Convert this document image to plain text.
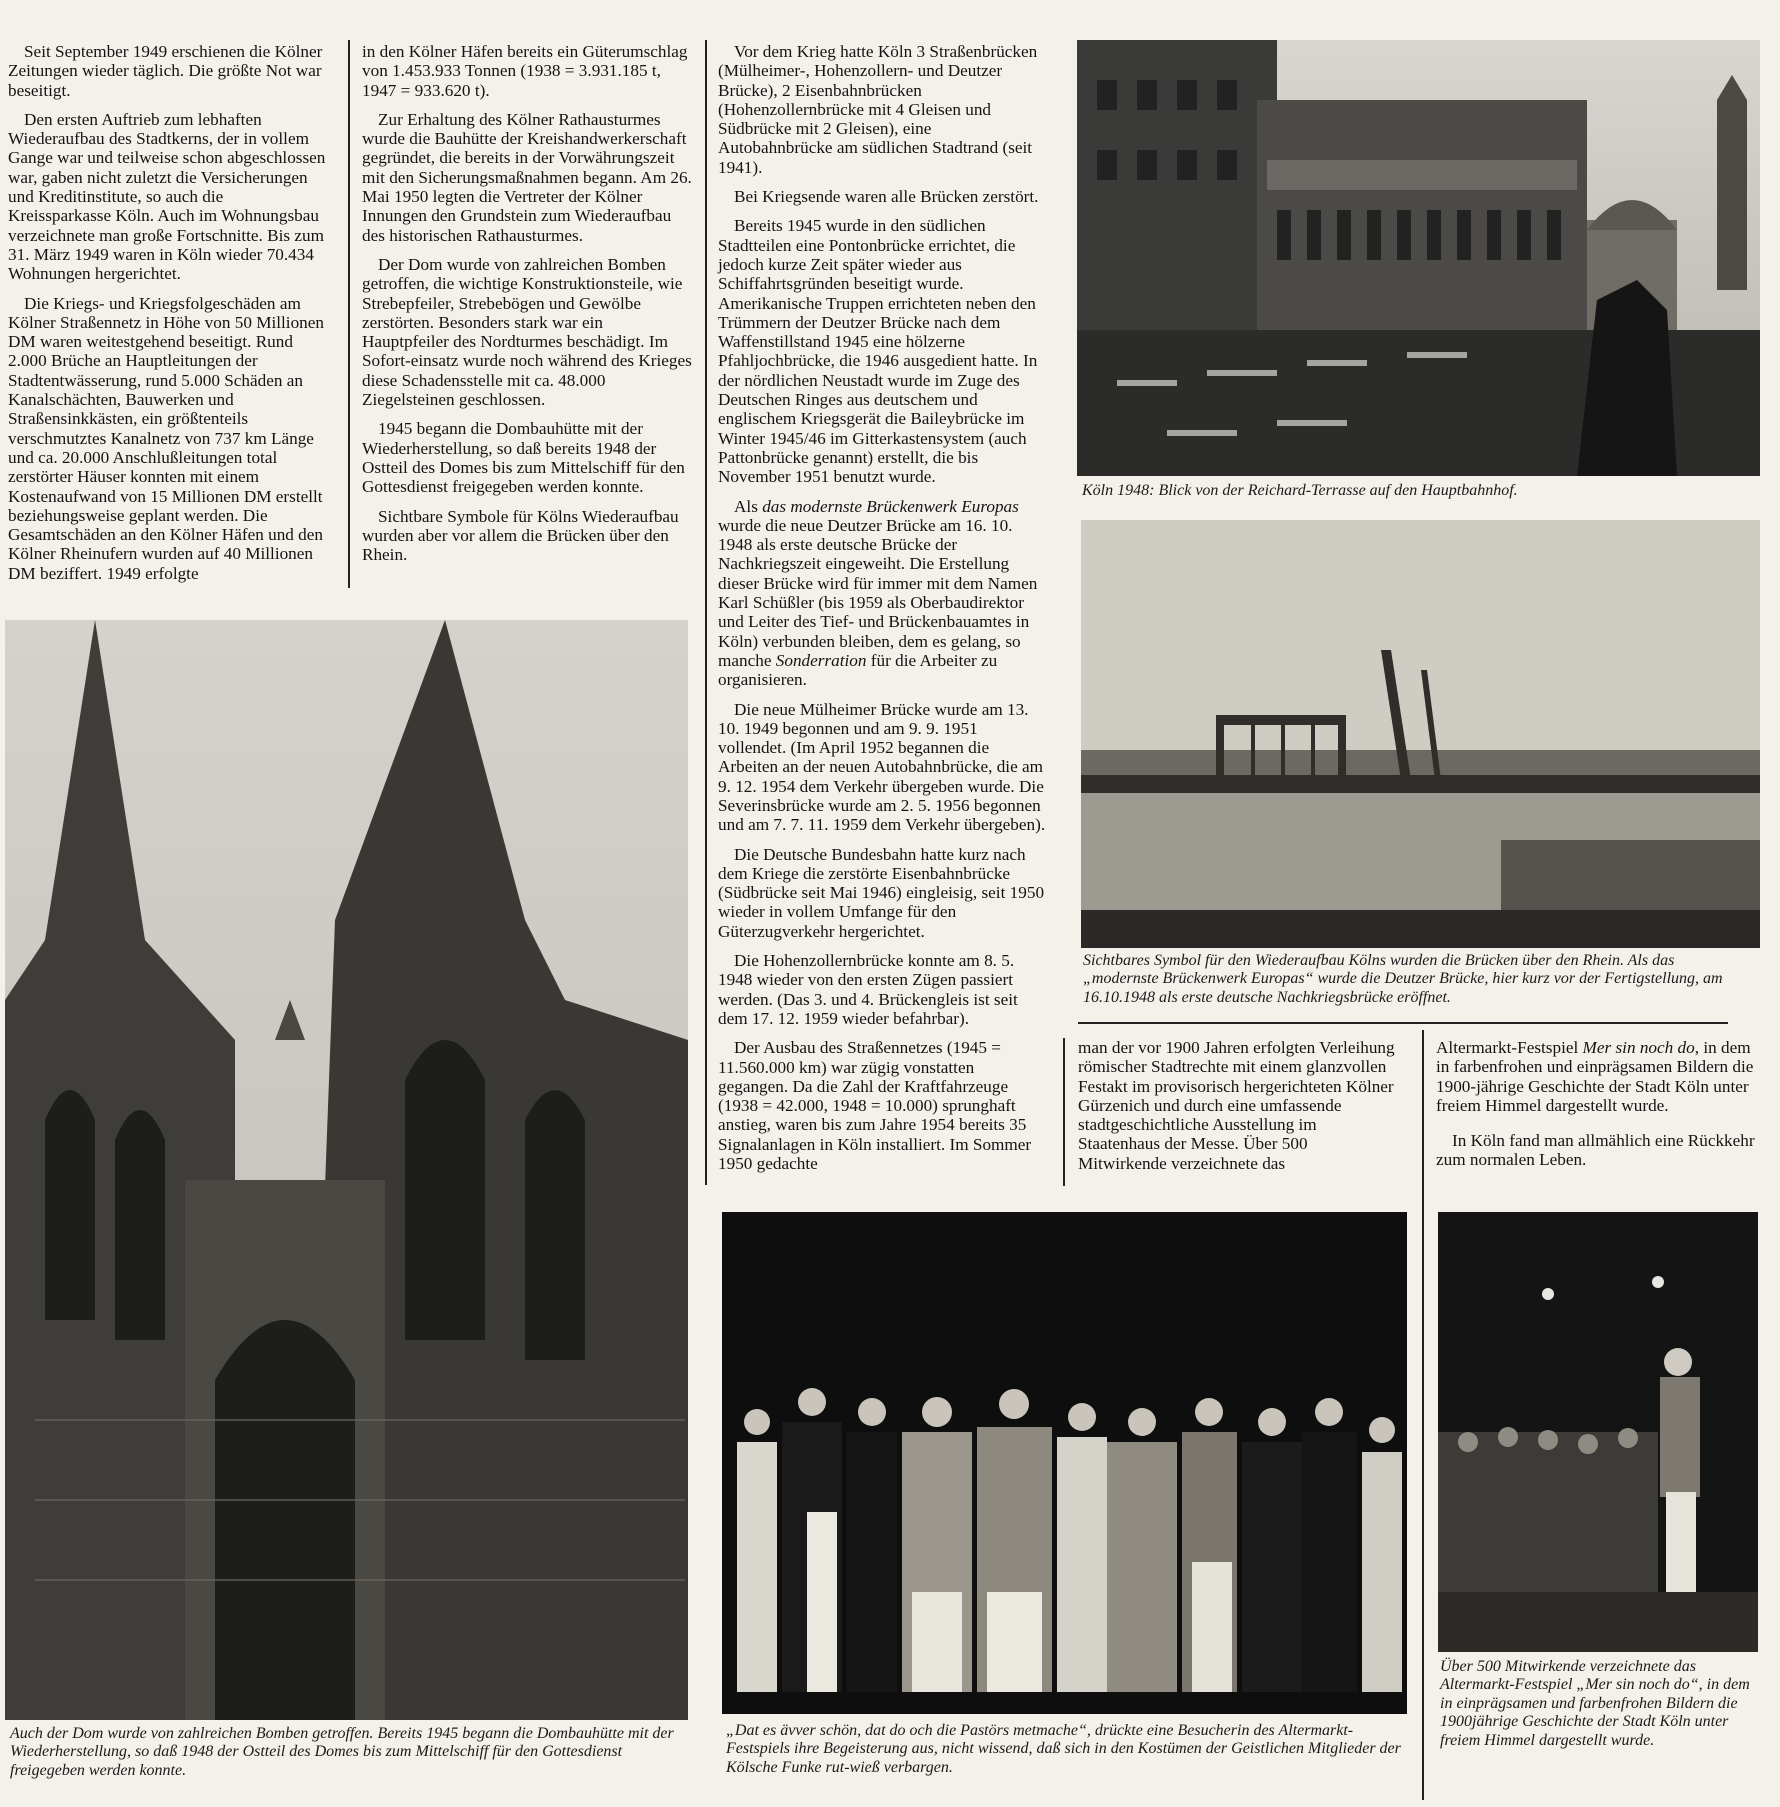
Seit September 1949 erschienen die Kölner Zeitungen wieder täglich. Die größte Not war beseitigt.

Den ersten Auftrieb zum lebhaften Wiederaufbau des Stadtkerns, der in vollem Gange war und teilweise schon abgeschlossen war, gaben nicht zuletzt die Versicherungen und Kreditinstitute, so auch die Kreissparkasse Köln. Auch im Wohnungsbau verzeichnete man große Fortschnitte. Bis zum 31. März 1949 waren in Köln wieder 70.434 Wohnungen hergerichtet.

Die Kriegs- und Kriegsfolgeschäden am Kölner Straßennetz in Höhe von 50 Millionen DM waren weitestgehend beseitigt. Rund 2.000 Brüche an Hauptleitungen der Stadtentwässerung, rund 5.000 Schäden an Kanalschächten, Bauwerken und Straßensinkkästen, ein größtenteils verschmutztes Kanalnetz von 737 km Länge und ca. 20.000 Anschlußleitungen total zerstörter Häuser konnten mit einem Kostenaufwand von 15 Millionen DM erstellt beziehungsweise geplant werden. Die Gesamtschäden an den Kölner Häfen und den Kölner Rheinufern wurden auf 40 Millionen DM beziffert. 1949 erfolgte

in den Kölner Häfen bereits ein Güterumschlag von 1.453.933 Tonnen (1938 = 3.931.185 t, 1947 = 933.620 t).

Zur Erhaltung des Kölner Rathausturmes wurde die Bauhütte der Kreishandwerkerschaft gegründet, die bereits in der Vorwährungszeit mit den Sicherungsmaßnahmen begann. Am 26. Mai 1950 legten die Vertreter der Kölner Innungen den Grundstein zum Wiederaufbau des historischen Rathausturmes.

Der Dom wurde von zahlreichen Bomben getroffen, die wichtige Konstruktionsteile, wie Strebepfeiler, Strebebögen und Gewölbe zerstörten. Besonders stark war ein Hauptpfeiler des Nordturmes beschädigt. Im Sofort-einsatz wurde noch während des Krieges diese Schadensstelle mit ca. 48.000 Ziegelsteinen geschlossen.

1945 begann die Dombauhütte mit der Wiederherstellung, so daß bereits 1948 der Ostteil des Domes bis zum Mittelschiff für den Gottesdienst freigegeben werden konnte.

Sichtbare Symbole für Kölns Wiederaufbau wurden aber vor allem die Brücken über den Rhein.

Vor dem Krieg hatte Köln 3 Straßenbrücken (Mülheimer-, Hohenzollern- und Deutzer Brücke), 2 Eisenbahnbrücken (Hohenzollernbrücke mit 4 Gleisen und Südbrücke mit 2 Gleisen), eine Autobahnbrücke am südlichen Stadtrand (seit 1941).

Bei Kriegsende waren alle Brücken zerstört.

Bereits 1945 wurde in den südlichen Stadtteilen eine Pontonbrücke errichtet, die jedoch kurze Zeit später wieder aus Schiffahrtsgründen beseitigt wurde. Amerikanische Truppen errichteten neben den Trümmern der Deutzer Brücke nach dem Waffenstillstand 1945 eine hölzerne Pfahljochbrücke, die 1946 ausgedient hatte. In der nördlichen Neustadt wurde im Zuge des Deutschen Ringes aus deutschem und englischem Kriegsgerät die Baileybrücke im Winter 1945/46 im Gitterkastensystem (auch Pattonbrücke genannt) erstellt, die bis November 1951 benutzt wurde.

Als das modernste Brückenwerk Europas wurde die neue Deutzer Brücke am 16. 10. 1948 als erste deutsche Brücke der Nachkriegszeit eingeweiht. Die Erstellung dieser Brücke wird für immer mit dem Namen Karl Schüßler (bis 1959 als Oberbaudirektor und Leiter des Tief- und Brückenbauamtes in Köln) verbunden bleiben, dem es gelang, so manche Sonderration für die Arbeiter zu organisieren.

Die neue Mülheimer Brücke wurde am 13. 10. 1949 begonnen und am 9. 9. 1951 vollendet. (Im April 1952 begannen die Arbeiten an der neuen Autobahnbrücke, die am 9. 12. 1954 dem Verkehr übergeben wurde. Die Severinsbrücke wurde am 2. 5. 1956 begonnen und am 7. 7. 11. 1959 dem Verkehr übergeben).

Die Deutsche Bundesbahn hatte kurz nach dem Kriege die zerstörte Eisenbahnbrücke (Südbrücke seit Mai 1946) eingleisig, seit 1950 wieder in vollem Umfange für den Güterzugverkehr hergerichtet.

Die Hohenzollernbrücke konnte am 8. 5. 1948 wieder von den ersten Zügen passiert werden. (Das 3. und 4. Brückengleis ist seit dem 17. 12. 1959 wieder befahrbar).

Der Ausbau des Straßennetzes (1945 = 11.560.000 km) war zügig vonstatten gegangen. Da die Zahl der Kraftfahrzeuge (1938 = 42.000, 1948 = 10.000) sprunghaft anstieg, waren bis zum Jahre 1954 bereits 35 Signalanlagen in Köln installiert. Im Sommer 1950 gedachte

man der vor 1900 Jahren erfolgten Verleihung römischer Stadtrechte mit einem glanzvollen Festakt im provisorisch hergerichteten Kölner Gürzenich und durch eine umfassende stadtgeschichtliche Ausstellung im Staatenhaus der Messe. Über 500 Mitwirkende verzeichnete das

Altermarkt-Festspiel Mer sin noch do, in dem in farbenfrohen und einprägsamen Bildern die 1900-jährige Geschichte der Stadt Köln unter freiem Himmel dargestellt wurde.

In Köln fand man allmählich eine Rückkehr zum normalen Leben.

Köln 1948: Blick von der Reichard-Terrasse auf den Hauptbahnhof.
Sichtbares Symbol für den Wiederaufbau Kölns wurden die Brücken über den Rhein. Als das „modernste Brückenwerk Europas“ wurde die Deutzer Brücke, hier kurz vor der Fertigstellung, am 16.10.1948 als erste deutsche Nachkriegsbrücke eröffnet.
Auch der Dom wurde von zahlreichen Bomben getroffen. Bereits 1945 begann die Dombauhütte mit der Wiederherstellung, so daß 1948 der Ostteil des Domes bis zum Mittelschiff für den Gottesdienst freigegeben werden konnte.
„Dat es ävver schön, dat do och die Pastörs metmache“, drückte eine Besucherin des Altermarkt-Festspiels ihre Begeisterung aus, nicht wissend, daß sich in den Kostümen der Geistlichen Mitglieder der Kölsche Funke rut-wieß verbargen.
Über 500 Mitwirkende verzeichnete das Altermarkt-Festspiel „Mer sin noch do“, in dem in einprägsamen und farbenfrohen Bildern die 1900jährige Geschichte der Stadt Köln unter freiem Himmel dargestellt wurde.
